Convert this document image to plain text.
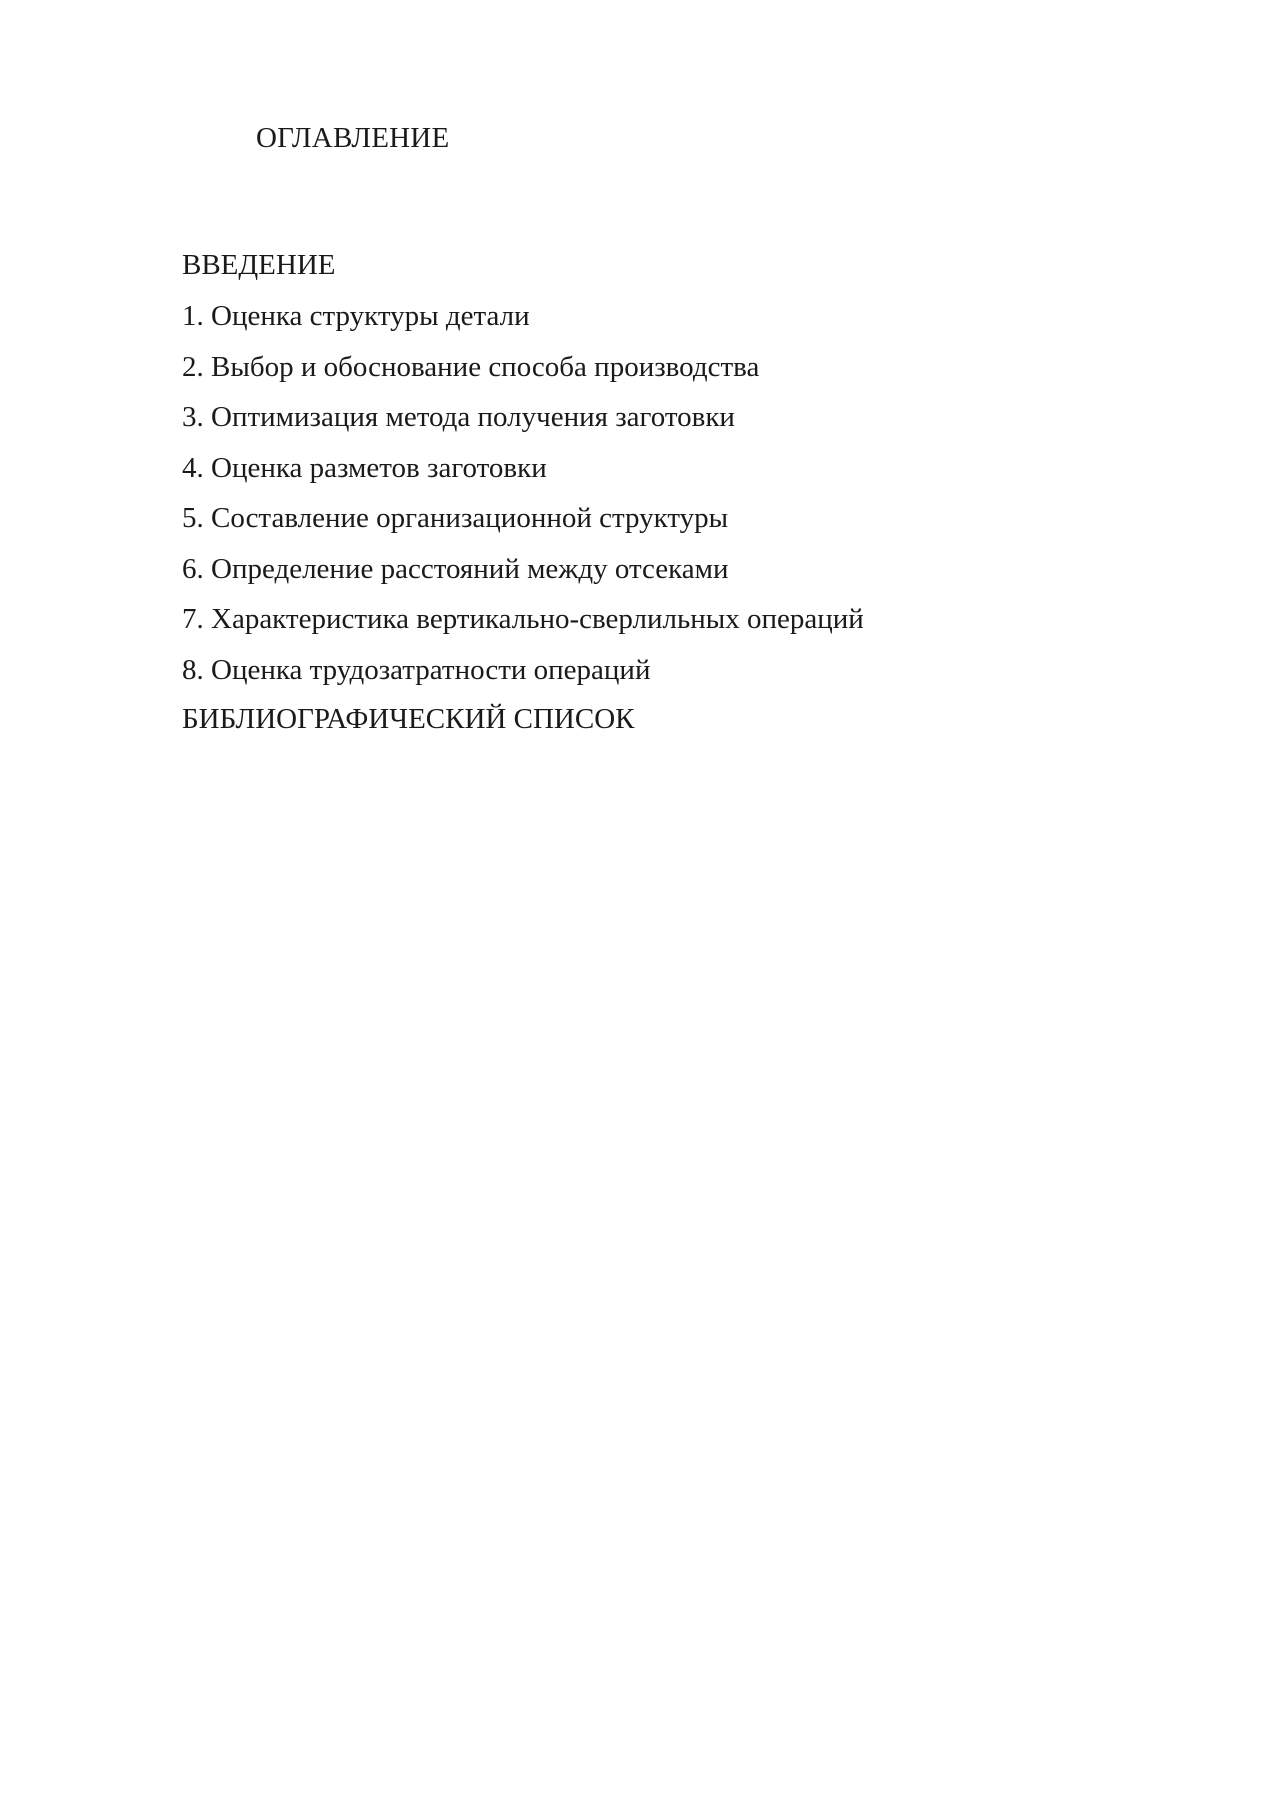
ОГЛАВЛЕНИЕ
ВВЕДЕНИЕ
1. Оценка структуры детали
2. Выбор и обоснование способа производства
3. Оптимизация метода получения заготовки
4. Оценка разметов заготовки
5. Составление организационной структуры
6. Определение расстояний между отсеками
7. Характеристика вертикально-сверлильных операций
8. Оценка трудозатратности операций
БИБЛИОГРАФИЧЕСКИЙ СПИСОК
